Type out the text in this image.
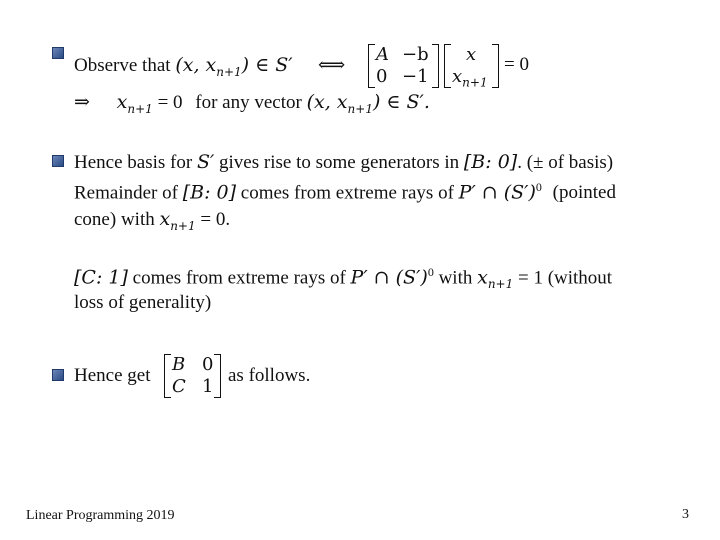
Observe that (x, $x_{n+1}$) ∈ S′ ⟺
A −b
0 −1
x
$x_{n+1}$
= 0
⇒ $x_{n+1} = 0$ for any vector (x, $x_{n+1}$) ∈ S′.
Hence basis for S′ gives rise to some generators in [B: 0]. (± of basis)
Remainder of [B: 0] comes from extreme rays of P′ ∩ $(S')^0$ (pointed
cone) with $x_{n+1} = 0$.
[C: 1] comes from extreme rays of P′ ∩ $(S')^0$ with $x_{n+1} = 1$ (without
loss of generality)
Hence get
B 0
C 1
as follows.
Linear Programming 2019	3
